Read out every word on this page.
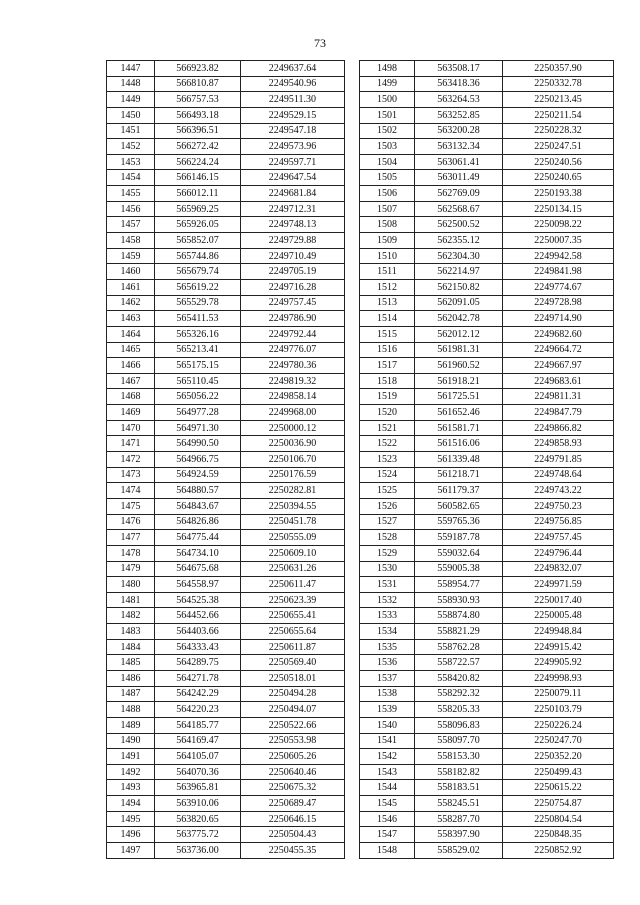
73
1447	566923.82	2249637.64
1448	566810.87	2249540.96
1449	566757.53	2249511.30
1450	566493.18	2249529.15
1451	566396.51	2249547.18
1452	566272.42	2249573.96
1453	566224.24	2249597.71
1454	566146.15	2249647.54
1455	566012.11	2249681.84
1456	565969.25	2249712.31
1457	565926.05	2249748.13
1458	565852.07	2249729.88
1459	565744.86	2249710.49
1460	565679.74	2249705.19
1461	565619.22	2249716.28
1462	565529.78	2249757.45
1463	565411.53	2249786.90
1464	565326.16	2249792.44
1465	565213.41	2249776.07
1466	565175.15	2249780.36
1467	565110.45	2249819.32
1468	565056.22	2249858.14
1469	564977.28	2249968.00
1470	564971.30	2250000.12
1471	564990.50	2250036.90
1472	564966.75	2250106.70
1473	564924.59	2250176.59
1474	564880.57	2250282.81
1475	564843.67	2250394.55
1476	564826.86	2250451.78
1477	564775.44	2250555.09
1478	564734.10	2250609.10
1479	564675.68	2250631.26
1480	564558.97	2250611.47
1481	564525.38	2250623.39
1482	564452.66	2250655.41
1483	564403.66	2250655.64
1484	564333.43	2250611.87
1485	564289.75	2250569.40
1486	564271.78	2250518.01
1487	564242.29	2250494.28
1488	564220.23	2250494.07
1489	564185.77	2250522.66
1490	564169.47	2250553.98
1491	564105.07	2250605.26
1492	564070.36	2250640.46
1493	563965.81	2250675.32
1494	563910.06	2250689.47
1495	563820.65	2250646.15
1496	563775.72	2250504.43
1497	563736.00	2250455.35
1498	563508.17	2250357.90
1499	563418.36	2250332.78
1500	563264.53	2250213.45
1501	563252.85	2250211.54
1502	563200.28	2250228.32
1503	563132.34	2250247.51
1504	563061.41	2250240.56
1505	563011.49	2250240.65
1506	562769.09	2250193.38
1507	562568.67	2250134.15
1508	562500.52	2250098.22
1509	562355.12	2250007.35
1510	562304.30	2249942.58
1511	562214.97	2249841.98
1512	562150.82	2249774.67
1513	562091.05	2249728.98
1514	562042.78	2249714.90
1515	562012.12	2249682.60
1516	561981.31	2249664.72
1517	561960.52	2249667.97
1518	561918.21	2249683.61
1519	561725.51	2249811.31
1520	561652.46	2249847.79
1521	561581.71	2249866.82
1522	561516.06	2249858.93
1523	561339.48	2249791.85
1524	561218.71	2249748.64
1525	561179.37	2249743.22
1526	560582.65	2249750.23
1527	559765.36	2249756.85
1528	559187.78	2249757.45
1529	559032.64	2249796.44
1530	559005.38	2249832.07
1531	558954.77	2249971.59
1532	558930.93	2250017.40
1533	558874.80	2250005.48
1534	558821.29	2249948.84
1535	558762.28	2249915.42
1536	558722.57	2249905.92
1537	558420.82	2249998.93
1538	558292.32	2250079.11
1539	558205.33	2250103.79
1540	558096.83	2250226.24
1541	558097.70	2250247.70
1542	558153.30	2250352.20
1543	558182.82	2250499.43
1544	558183.51	2250615.22
1545	558245.51	2250754.87
1546	558287.70	2250804.54
1547	558397.90	2250848.35
1548	558529.02	2250852.92
